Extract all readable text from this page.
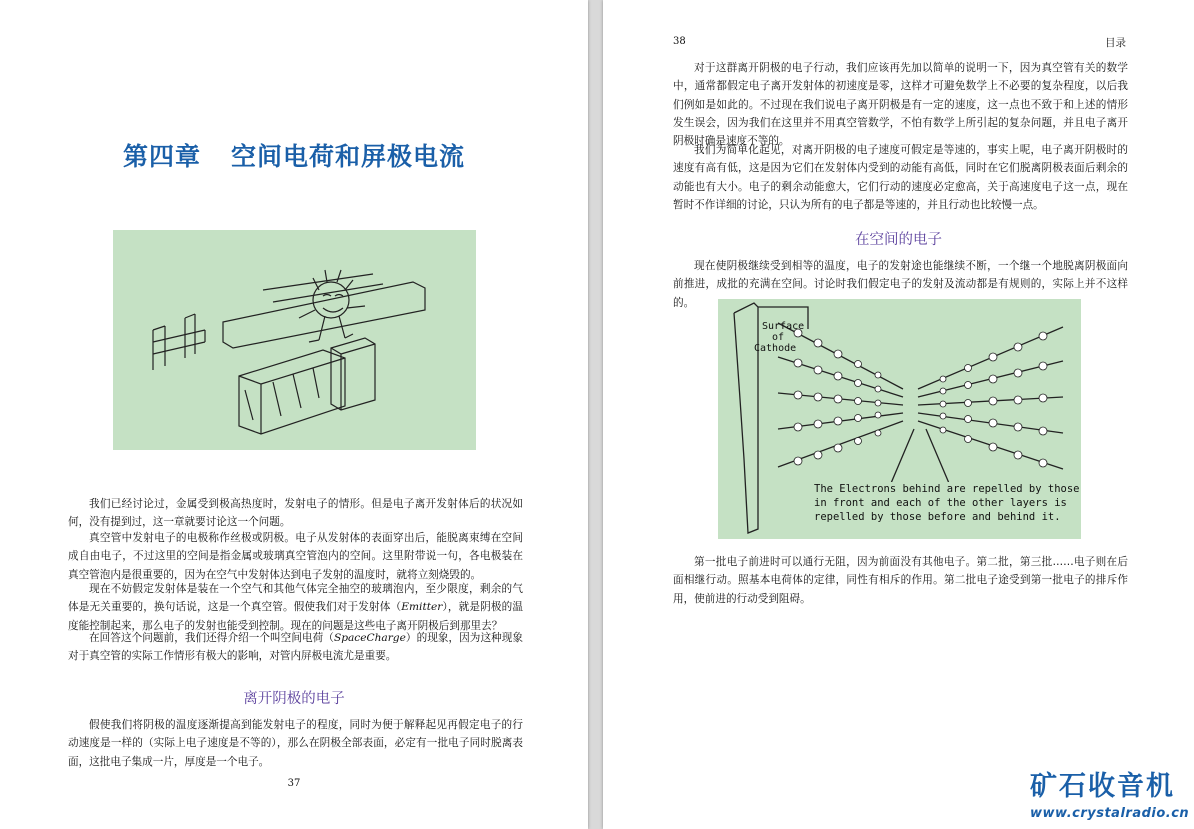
第四章 空间电荷和屏极电流
我们已经讨论过，金属受到极高热度时，发射电子的情形。但是电子离开发射体后的状况如何，没有提到过，这一章就要讨论这一个问题。
真空管中发射电子的电极称作丝极或阴极。电子从发射体的表面穿出后，能脱离束缚在空间成自由电子，不过这里的空间是指金属或玻璃真空管泡内的空间。这里附带说一句，各电极装在真空管泡内是很重要的，因为在空气中发射体达到电子发射的温度时，就将立刻烧毁的。
现在不妨假定发射体是装在一个空气和其他气体完全抽空的玻璃泡内，至少限度，剩余的气体是无关重要的，换句话说，这是一个真空管。假使我们对于发射体（Emitter），就是阴极的温度能控制起来，那么电子的发射也能受到控制。现在的问题是这些电子离开阴极后到那里去？
在回答这个问题前，我们还得介绍一个叫空间电荷（SpaceCharge）的现象，因为这种现象对于真空管的实际工作情形有极大的影响，对管内屏极电流尤是重要。
离开阴极的电子
假使我们将阴极的温度逐渐提高到能发射电子的程度，同时为便于解释起见再假定电子的行动速度是一样的（实际上电子速度是不等的），那么在阴极全部表面，必定有一批电子同时脱离表面，这批电子集成一片，厚度是一个电子。
37
38	目录
对于这群离开阴极的电子行动，我们应该再先加以简单的说明一下，因为真空管有关的数学中，通常都假定电子离开发射体的初速度是零，这样才可避免数学上不必要的复杂程度，以后我们例如是如此的。不过现在我们说电子离开阴极是有一定的速度，这一点也不致于和上述的情形发生误会，因为我们在这里并不用真空管数学，不怕有数学上所引起的复杂问题，并且电子离开阴极时确是速度不等的。
我们为简单化起见，对离开阴极的电子速度可假定是等速的，事实上呢，电子离开阴极时的速度有高有低，这是因为它们在发射体内受到的动能有高低，同时在它们脱离阴极表面后剩余的动能也有大小。电子的剩余动能愈大，它们行动的速度必定愈高，关于高速度电子这一点，现在暂时不作详细的讨论，只认为所有的电子都是等速的，并且行动也比较慢一点。
在空间的电子
现在使阴极继续受到相等的温度，电子的发射途也能继续不断，一个继一个地脱离阴极面向前推进，成批的充满在空间。讨论时我们假定电子的发射及流动都是有规则的，实际上并不这样的。
Surface
of
Cathode
The Electrons behind are repelled by those
in front and each of the other layers is
repelled by those before and behind it.
第一批电子前进时可以通行无阻，因为前面没有其他电子。第二批，第三批……电子则在后面相继行动。照基本电荷体的定律，同性有相斥的作用。第二批电子途受到第一批电子的排斥作用，使前进的行动受到阻碍。
矿石收音机
www.crystalradio.cn
